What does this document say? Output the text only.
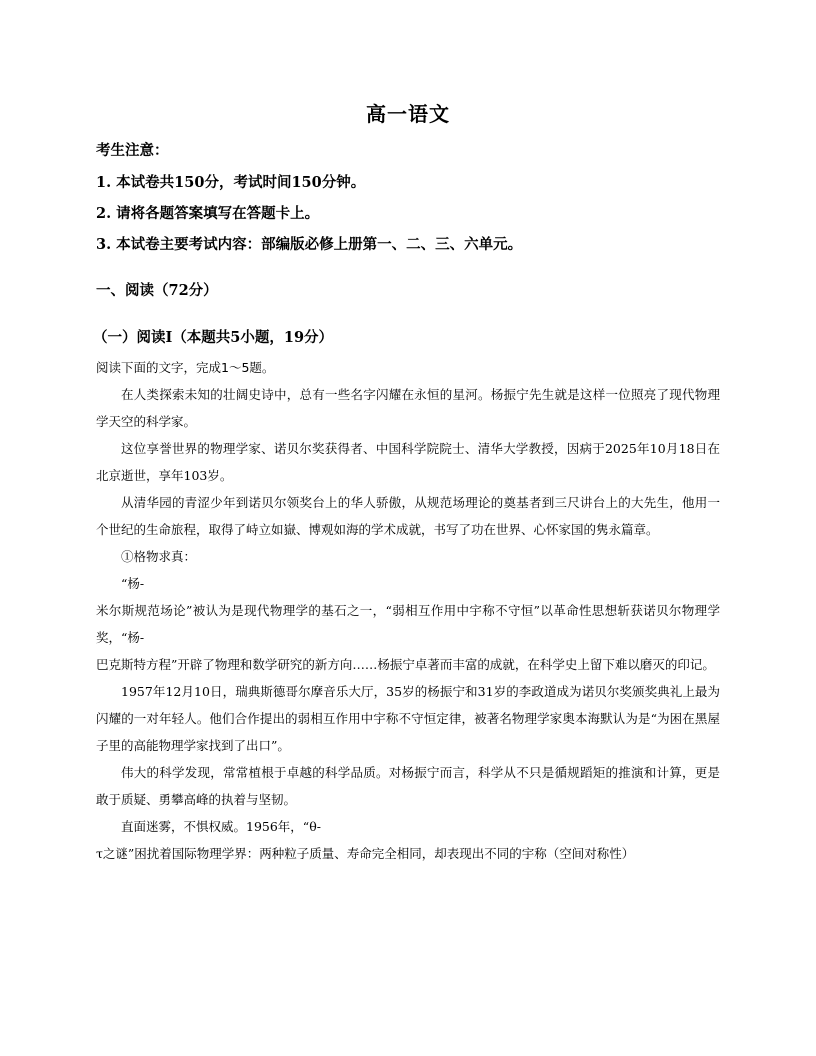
高一语文
考生注意：
1. 本试卷共150分，考试时间150分钟。
2. 请将各题答案填写在答题卡上。
3. 本试卷主要考试内容：部编版必修上册第一、二、三、六单元。
一、阅读（72分）
（一）阅读Ⅰ（本题共5小题，19分）
阅读下面的文字，完成1～5题。

在人类探索未知的壮阔史诗中，总有一些名字闪耀在永恒的星河。杨振宁先生就是这样一位照亮了现代物理学天空的科学家。

这位享誉世界的物理学家、诺贝尔奖获得者、中国科学院院士、清华大学教授，因病于2025年10月18日在北京逝世，享年103岁。

从清华园的青涩少年到诺贝尔领奖台上的华人骄傲，从规范场理论的奠基者到三尺讲台上的大先生，他用一个世纪的生命旅程，取得了峙立如嶽、博观如海的学术成就，书写了功在世界、心怀家国的隽永篇章。

①格物求真：

“杨-

米尔斯规范场论”被认为是现代物理学的基石之一，“弱相互作用中宇称不守恒”以革命性思想斩获诺贝尔物理学奖，“杨-

巴克斯特方程”开辟了物理和数学研究的新方向……杨振宁卓著而丰富的成就，在科学史上留下难以磨灭的印记。

1957年12月10日，瑞典斯德哥尔摩音乐大厅，35岁的杨振宁和31岁的李政道成为诺贝尔奖颁奖典礼上最为闪耀的一对年轻人。他们合作提出的弱相互作用中宇称不守恒定律，被著名物理学家奥本海默认为是“为困在黑屋子里的高能物理学家找到了出口”。

伟大的科学发现，常常植根于卓越的科学品质。对杨振宁而言，科学从不只是循规蹈矩的推演和计算，更是敢于质疑、勇攀高峰的执着与坚韧。

直面迷雾，不惧权威。1956年，“θ-

τ之谜”困扰着国际物理学界：两种粒子质量、寿命完全相同，却表现出不同的宇称（空间对称性）
